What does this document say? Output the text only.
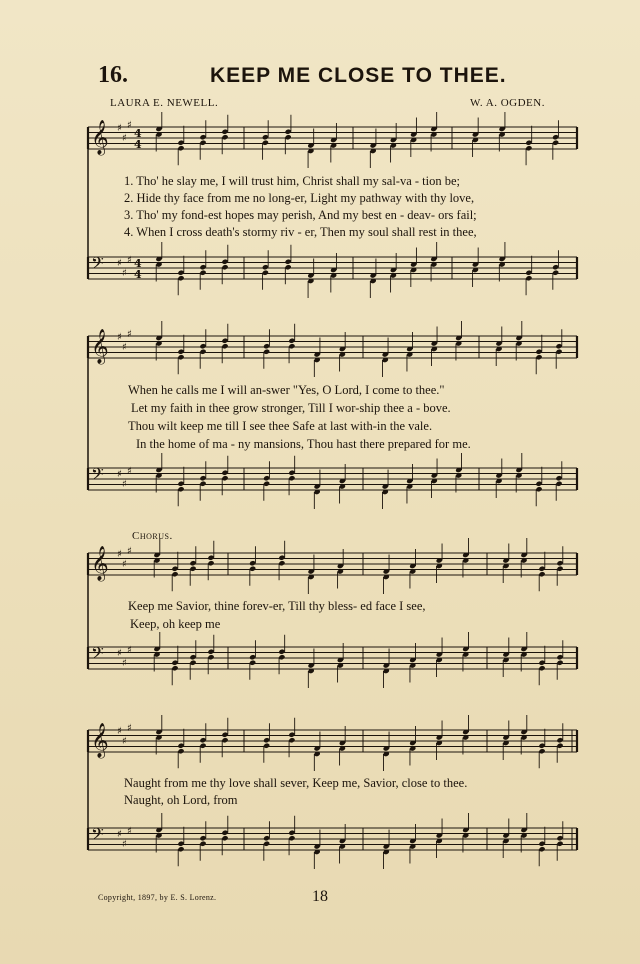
16.	KEEP ME CLOSE TO THEE.
LAURA E. NEWELL.	W. A. OGDEN.
𝄞 ♯
♯
♯
4
4
𝄢 ♯
♯
♯ 4
4
𝄞 ♯
♯
♯
𝄢 ♯
♯
♯
𝄞 ♯
♯
♯
𝄢 ♯
♯
♯
𝄞 ♯
♯
♯
𝄢 ♯
♯
♯
1. Tho' he slay me, I will trust him, Christ shall my sal-va - tion be;
2. Hide thy face from me no long-er, Light my pathway with thy love,
3. Tho' my fond-est hopes may perish, And my best en - deav- ors fail;
4. When I cross death's stormy riv - er, Then my soul shall rest in thee,
When he calls me I will an-swer "Yes, O Lord, I come to thee."
Let my faith in thee grow stronger, Till I wor-ship thee a - bove.
Thou wilt keep me till I see thee Safe at last with-in the vale.
In the home of ma - ny mansions, Thou hast there prepared for me.
Chorus.
Keep me Savior, thine forev-er, Till thy bless- ed face I see,
Keep, oh keep me
Naught from me thy love shall sever, Keep me, Savior, close to thee.
Naught, oh Lord, from
Copyright, 1897, by E. S. Lorenz.	18
